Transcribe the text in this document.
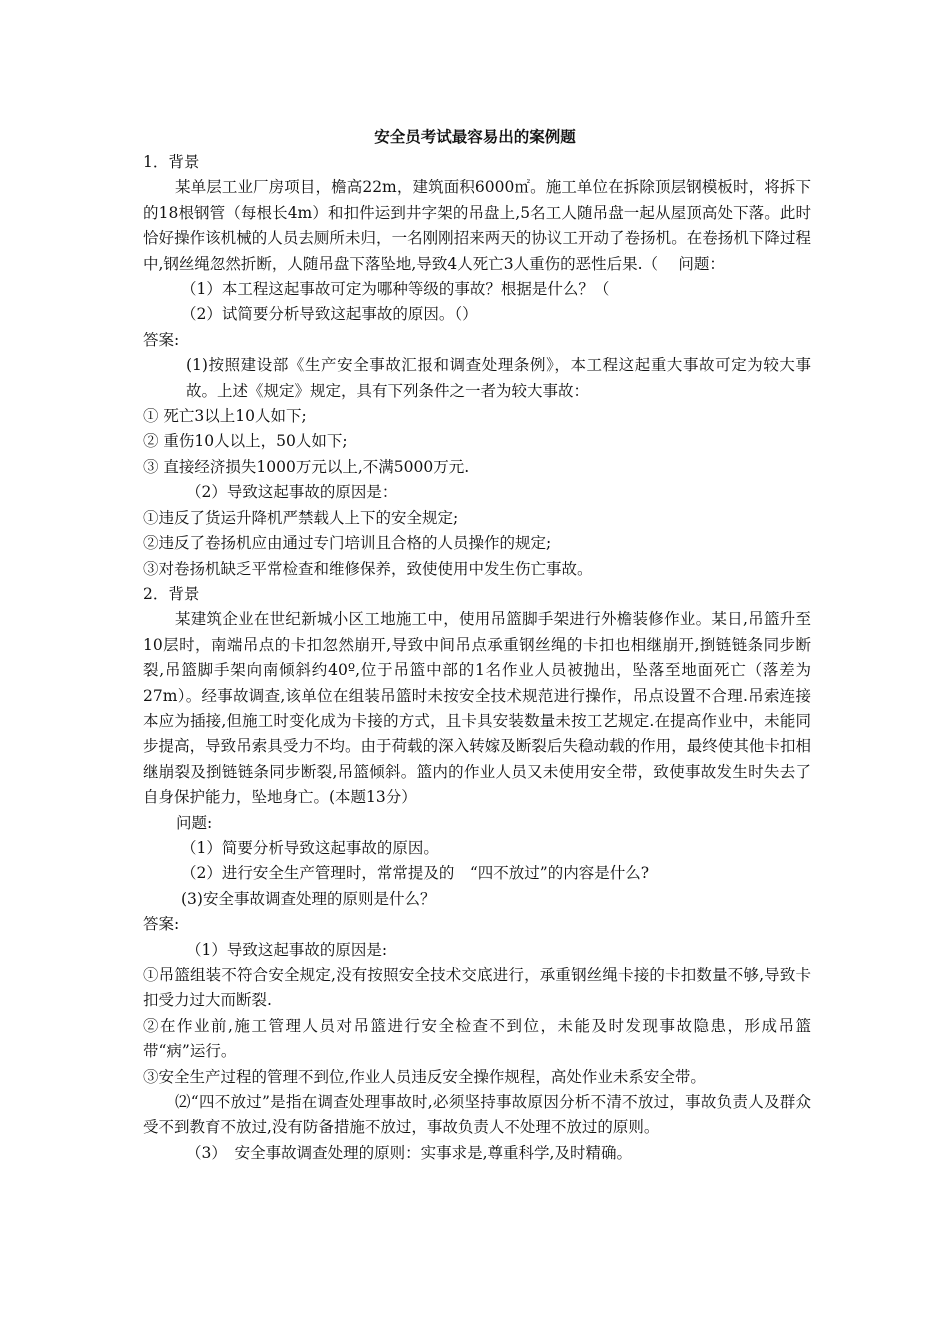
安全员考试最容易出的案例题

1．背景

某单层工业厂房项目，檐高22m，建筑面积6000㎡。施工单位在拆除顶层钢模板时，将拆下的18根钢管（每根长4m）和扣件运到井字架的吊盘上,5名工人随吊盘一起从屋顶高处下落。此时恰好操作该机械的人员去厕所未归，一名刚刚招来两天的协议工开动了卷扬机。在卷扬机下降过程中,钢丝绳忽然折断，人随吊盘下落坠地,导致4人死亡3人重伤的恶性后果.（　 问题：

（1）本工程这起事故可定为哪种等级的事故？根据是什么？（

（2）试简要分析导致这起事故的原因。（）

答案:

(1)按照建设部《生产安全事故汇报和调查处理条例》，本工程这起重大事故可定为较大事故。上述《规定》规定，具有下列条件之一者为较大事故：

① 死亡3以上10人如下;

② 重伤10人以上，50人如下;

③ 直接经济损失1000万元以上,不满5000万元.

（2）导致这起事故的原因是：

①违反了货运升降机严禁载人上下的安全规定;

②违反了卷扬机应由通过专门培训且合格的人员操作的规定;

③对卷扬机缺乏平常检查和维修保养，致使使用中发生伤亡事故。

2．背景

某建筑企业在世纪新城小区工地施工中，使用吊篮脚手架进行外檐装修作业。某日,吊篮升至10层时，南端吊点的卡扣忽然崩开,导致中间吊点承重钢丝绳的卡扣也相继崩开,捯链链条同步断裂,吊篮脚手架向南倾斜约40º,位于吊篮中部的1名作业人员被抛出，坠落至地面死亡（落差为27m）。经事故调查,该单位在组装吊篮时未按安全技术规范进行操作，吊点设置不合理.吊索连接本应为插接,但施工时变化成为卡接的方式，且卡具安装数量未按工艺规定.在提高作业中，未能同步提高，导致吊索具受力不均。由于荷载的深入转嫁及断裂后失稳动载的作用，最终使其他卡扣相继崩裂及捯链链条同步断裂,吊篮倾斜。篮内的作业人员又未使用安全带，致使事故发生时失去了自身保护能力，坠地身亡。(本题13分）

问题:

（1）简要分析导致这起事故的原因。

（2）进行安全生产管理时，常常提及的　“四不放过”的内容是什么?

(3)安全事故调查处理的原则是什么？

答案:

（1）导致这起事故的原因是:

①吊篮组装不符合安全规定,没有按照安全技术交底进行，承重钢丝绳卡接的卡扣数量不够,导致卡扣受力过大而断裂.

②在作业前,施工管理人员对吊篮进行安全检查不到位，未能及时发现事故隐患，形成吊篮带“病”运行。

③安全生产过程的管理不到位,作业人员违反安全操作规程，高处作业未系安全带。

⑵“四不放过”是指在调查处理事故时,必须坚持事故原因分析不清不放过，事故负责人及群众受不到教育不放过,没有防备措施不放过，事故负责人不处理不放过的原则。

（3）　安全事故调查处理的原则：实事求是,尊重科学,及时精确。
